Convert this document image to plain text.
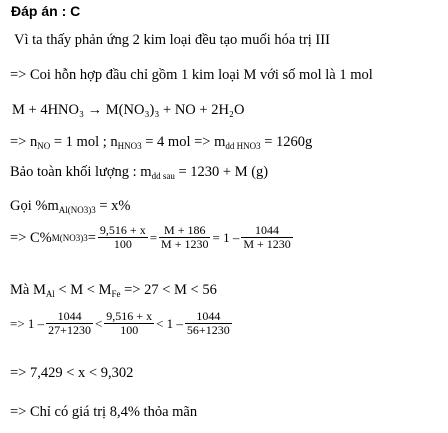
Đáp án : C
Vì ta thấy phản ứng 2 kim loại đều tạo muối hóa trị III
=> Coi hỗn hợp đầu chỉ gồm 1 kim loại M với số mol là 1 mol
M + 4HNO₃ → M(NO₃)₃ + NO + 2H₂O
=> $n_{NO} = 1$ mol ; $n_{HNO3} = 4$ mol => $m_{dd HNO3} = 1260g$
Bảo toàn khối lượng : $m_{dd sau} = 1230 + M$ (g)
Gọi $\%m_{Al(NO3)3} = x\%$
=> C% $M(NO3)3 = \frac{9,516 + x}{100} = \frac{M + 186}{M + 1230} = 1 - \frac{1044}{M + 1230}$
Mà $M_{Al} < M < M_{Fe} => 27 < M < 56$
=> $1 - \frac{1044}{27+1230} < \frac{9,516 + x}{100} < 1 - \frac{1044}{56+1230}$
=> 7,429 < x < 9,302
=> Chỉ có giá trị 8,4% thỏa mãn
